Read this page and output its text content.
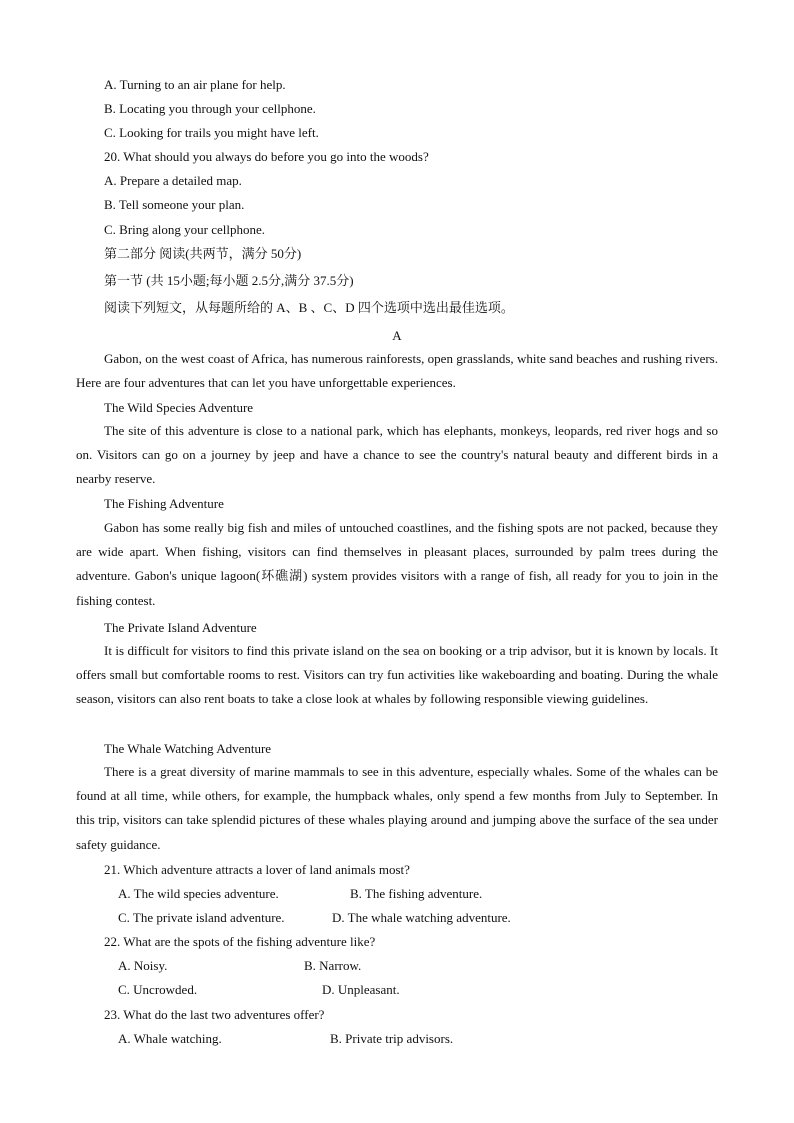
A. Turning to an air plane for help.
B. Locating you through your cellphone.
C. Looking for trails you might have left.
20. What should you always do before you go into the woods?
A. Prepare a detailed map.
B. Tell someone your plan.
C. Bring along your cellphone.
第二部分 阅读(共两节，满分 50分)
第一节 (共 15小题;每小题 2.5分,满分 37.5分)
阅读下列短文，从每题所给的 A、B 、C、D 四个选项中选出最佳选项。
A

Gabon, on the west coast of Africa, has numerous rainforests, open grasslands, white sand beaches and rushing rivers. Here are four adventures that can let you have unforgettable experiences.

The Wild Species Adventure

The site of this adventure is close to a national park, which has elephants, monkeys, leopards, red river hogs and so on. Visitors can go on a journey by jeep and have a chance to see the country's natural beauty and different birds in a nearby reserve.

The Fishing Adventure

Gabon has some really big fish and miles of untouched coastlines, and the fishing spots are not packed, because they are wide apart. When fishing, visitors can find themselves in pleasant places, surrounded by palm trees during the adventure. Gabon's unique lagoon(环礁湖) system provides visitors with a range of fish, all ready for you to join in the fishing contest.

The Private Island Adventure

It is difficult for visitors to find this private island on the sea on booking or a trip advisor, but it is known by locals. It offers small but comfortable rooms to rest. Visitors can try fun activities like wakeboarding and boating. During the whale season, visitors can also rent boats to take a close look at whales by following responsible viewing guidelines.

The Whale Watching Adventure

There is a great diversity of marine mammals to see in this adventure, especially whales. Some of the whales can be found at all time, while others, for example, the humpback whales, only spend a few months from July to September. In this trip, visitors can take splendid pictures of these whales playing around and jumping above the surface of the sea under safety guidance.

21. Which adventure attracts a lover of land animals most?
A. The wild species adventure.	B. The fishing adventure.
C. The private island adventure.	D. The whale watching adventure.
22. What are the spots of the fishing adventure like?
A. Noisy.	B. Narrow.
C. Uncrowded.	D. Unpleasant.
23. What do the last two adventures offer?
A. Whale watching.	B. Private trip advisors.
